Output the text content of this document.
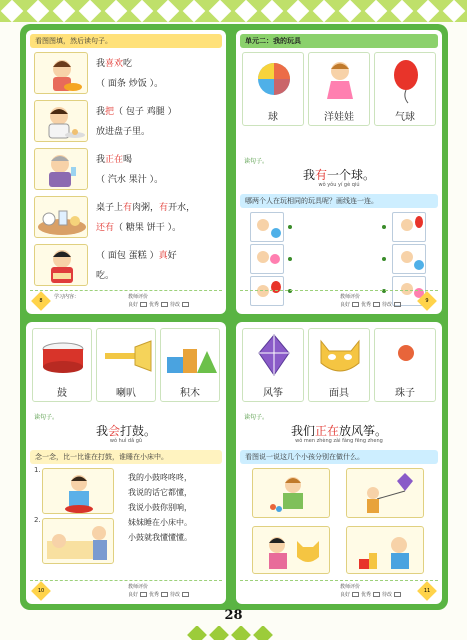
看图图填，然后读句子。
我喜欢吃
（ 面条 炒饭 ）。
我把（ 包子 鸡腿 ）
放进盘子里。
我正在喝
（ 汽水 果汁 ）。
桌子上有肉粥，有开水，
还有（ 糖果 饼干 ）。
（ 面包 蛋糕 ）真好
吃。
8
学习内容：	教师评价
良好 优秀 待改
单元二：我的玩具
球	洋娃娃	气球
读句子。
我有一个球。
wǒ yǒu yí gè qiú
哪两个人在玩相同的玩具呢？画线连一连。
教师评价
良好 优秀 待改
9
鼓	喇叭	积木
读句子。
我会打鼓。
wǒ huì dǎ gǔ
念一念，比一比谁在打鼓，谁睡在小床中。
1.
2.
我的小鼓咚咚咚，
我说的话它都懂，
我说小鼓你别响，
妹妹睡在小床中。
小鼓就我懂懂懂。
10
教师评价
良好 优秀 待改
风筝	面具	珠子
读句子。
我们正在放风筝。
wǒ men zhèng zài fàng fēng zheng
看图说一说这几个小孩分别在做什么。
教师评价
良好 优秀 待改
11
28
